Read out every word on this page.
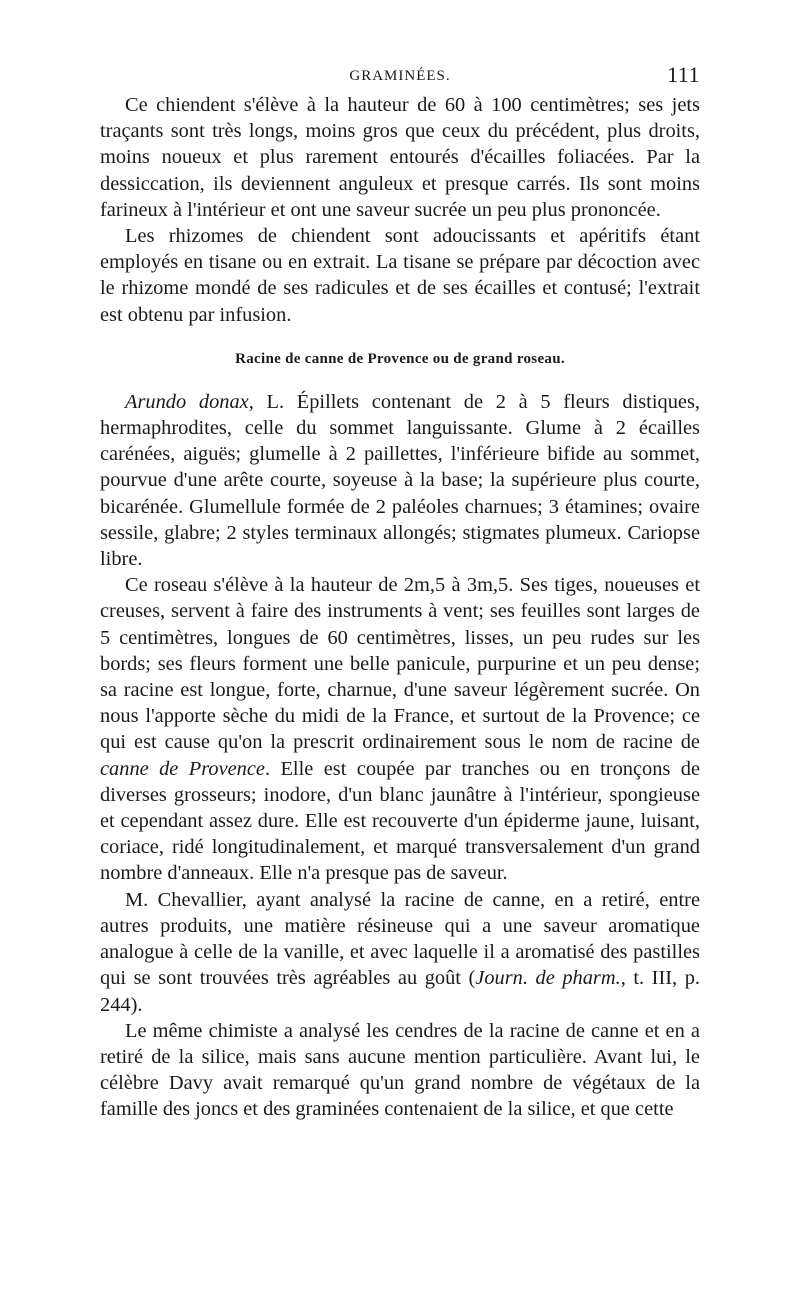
GRAMINÉES.	111

Ce chiendent s'élève à la hauteur de 60 à 100 centimètres; ses jets traçants sont très longs, moins gros que ceux du précédent, plus droits, moins noueux et plus rarement entourés d'écailles foliacées. Par la dessiccation, ils deviennent anguleux et presque carrés. Ils sont moins farineux à l'intérieur et ont une saveur sucrée un peu plus prononcée.

Les rhizomes de chiendent sont adoucissants et apéritifs étant employés en tisane ou en extrait. La tisane se prépare par décoction avec le rhizome mondé de ses radicules et de ses écailles et contusé; l'extrait est obtenu par infusion.

Racine de canne de Provence ou de grand roseau.

Arundo donax, L. Épillets contenant de 2 à 5 fleurs distiques, hermaphrodites, celle du sommet languissante. Glume à 2 écailles carénées, aiguës; glumelle à 2 paillettes, l'inférieure bifide au sommet, pourvue d'une arête courte, soyeuse à la base; la supérieure plus courte, bicarénée. Glumellule formée de 2 paléoles charnues; 3 étamines; ovaire sessile, glabre; 2 styles terminaux allongés; stigmates plumeux. Cariopse libre.

Ce roseau s'élève à la hauteur de 2m,5 à 3m,5. Ses tiges, noueuses et creuses, servent à faire des instruments à vent; ses feuilles sont larges de 5 centimètres, longues de 60 centimètres, lisses, un peu rudes sur les bords; ses fleurs forment une belle panicule, purpurine et un peu dense; sa racine est longue, forte, charnue, d'une saveur légèrement sucrée. On nous l'apporte sèche du midi de la France, et surtout de la Provence; ce qui est cause qu'on la prescrit ordinairement sous le nom de racine de canne de Provence. Elle est coupée par tranches ou en tronçons de diverses grosseurs; inodore, d'un blanc jaunâtre à l'intérieur, spongieuse et cependant assez dure. Elle est recouverte d'un épiderme jaune, luisant, coriace, ridé longitudinalement, et marqué transversalement d'un grand nombre d'anneaux. Elle n'a presque pas de saveur.

M. Chevallier, ayant analysé la racine de canne, en a retiré, entre autres produits, une matière résineuse qui a une saveur aromatique analogue à celle de la vanille, et avec laquelle il a aromatisé des pastilles qui se sont trouvées très agréables au goût (Journ. de pharm., t. III, p. 244).

Le même chimiste a analysé les cendres de la racine de canne et en a retiré de la silice, mais sans aucune mention particulière. Avant lui, le célèbre Davy avait remarqué qu'un grand nombre de végétaux de la famille des joncs et des graminées contenaient de la silice, et que cette
